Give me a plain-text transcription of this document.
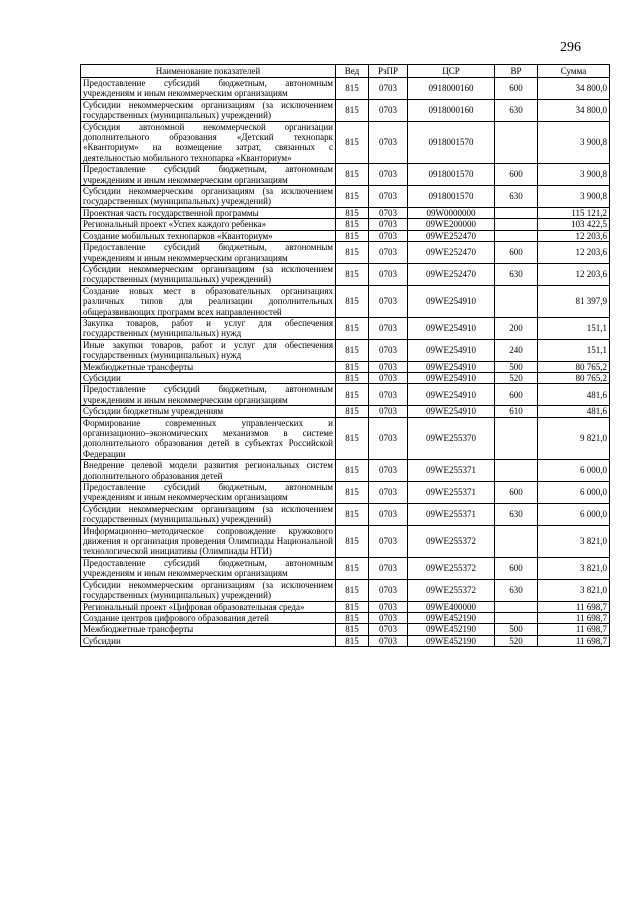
296
Наименование показателей	Вед	РзПР	ЦСР	ВР	Сумма
Предоставление субсидий бюджетным, автономным учреждениям и иным некоммерческим организациям	815	0703	0918000160	600	34 800,0
Субсидии некоммерческим организациям (за исключением государственных (муниципальных) учреждений)	815	0703	0918000160	630	34 800,0
Субсидия автономной некоммерческой организации дополнительного образования «Детский технопарк «Кванториум» на возмещение затрат, связанных с деятельностью мобильного технопарка «Кванториум»	815	0703	0918001570		3 900,8
Предоставление субсидий бюджетным, автономным учреждениям и иным некоммерческим организациям	815	0703	0918001570	600	3 900,8
Субсидии некоммерческим организациям (за исключением государственных (муниципальных) учреждений)	815	0703	0918001570	630	3 900,8
Проектная часть государственной программы	815	0703	09W0000000		115 121,2
Региональный проект «Успех каждого ребенка»	815	0703	09WE200000		103 422,5
Создание мобильных технопарков «Кванториум»	815	0703	09WE252470		12 203,6
Предоставление субсидий бюджетным, автономным учреждениям и иным некоммерческим организациям	815	0703	09WE252470	600	12 203,6
Субсидии некоммерческим организациям (за исключением государственных (муниципальных) учреждений)	815	0703	09WE252470	630	12 203,6
Создание новых мест в образовательных организациях различных типов для реализации дополнительных общеразвивающих программ всех направленностей	815	0703	09WE254910		81 397,9
Закупка товаров, работ и услуг для обеспечения государственных (муниципальных) нужд	815	0703	09WE254910	200	151,1
Иные закупки товаров, работ и услуг для обеспечения государственных (муниципальных) нужд	815	0703	09WE254910	240	151,1
Межбюджетные трансферты	815	0703	09WE254910	500	80 765,2
Субсидии	815	0703	09WE254910	520	80 765,2
Предоставление субсидий бюджетным, автономным учреждениям и иным некоммерческим организациям	815	0703	09WE254910	600	481,6
Субсидии бюджетным учреждениям	815	0703	09WE254910	610	481,6
Формирование современных управленческих и организационно–экономических механизмов в системе дополнительного образования детей в субъектах Российской Федерации	815	0703	09WE255370		9 821,0
Внедрение целевой модели развития региональных систем дополнительного образования детей	815	0703	09WE255371		6 000,0
Предоставление субсидий бюджетным, автономным учреждениям и иным некоммерческим организациям	815	0703	09WE255371	600	6 000,0
Субсидии некоммерческим организациям (за исключением государственных (муниципальных) учреждений)	815	0703	09WE255371	630	6 000,0
Информационно–методическое сопровождение кружкового движения и организация проведения Олимпиады Национальной технологической инициативы (Олимпиады НТИ)	815	0703	09WE255372		3 821,0
Предоставление субсидий бюджетным, автономным учреждениям и иным некоммерческим организациям	815	0703	09WE255372	600	3 821,0
Субсидии некоммерческим организациям (за исключением государственных (муниципальных) учреждений)	815	0703	09WE255372	630	3 821,0
Региональный проект «Цифровая образовательная среда»	815	0703	09WE400000		11 698,7
Создание центров цифрового образования детей	815	0703	09WE452190		11 698,7
Межбюджетные трансферты	815	0703	09WE452190	500	11 698,7
Субсидии	815	0703	09WE452190	520	11 698,7
